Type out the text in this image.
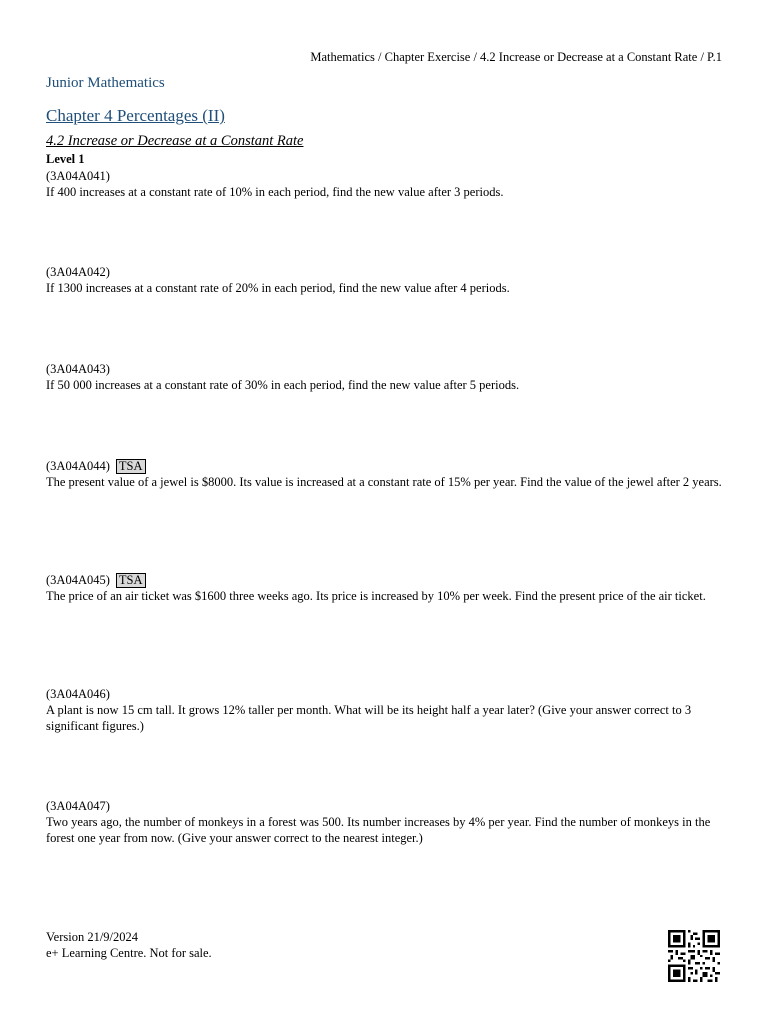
Mathematics / Chapter Exercise / 4.2 Increase or Decrease at a Constant Rate / P.1
Junior Mathematics
Chapter 4 Percentages (II)
4.2 Increase or Decrease at a Constant Rate
Level 1
(3A04A041)
If 400 increases at a constant rate of 10% in each period, find the new value after 3 periods.
(3A04A042)
If 1300 increases at a constant rate of 20% in each period, find the new value after 4 periods.
(3A04A043)
If 50 000 increases at a constant rate of 30% in each period, find the new value after 5 periods.
(3A04A044) TSA
The present value of a jewel is $8000. Its value is increased at a constant rate of 15% per year. Find the value of the jewel after 2 years.
(3A04A045) TSA
The price of an air ticket was $1600 three weeks ago. Its price is increased by 10% per week. Find the present price of the air ticket.
(3A04A046)
A plant is now 15 cm tall. It grows 12% taller per month. What will be its height half a year later? (Give your answer correct to 3 significant figures.)
(3A04A047)
Two years ago, the number of monkeys in a forest was 500. Its number increases by 4% per year. Find the number of monkeys in the forest one year from now. (Give your answer correct to the nearest integer.)
Version 21/9/2024
e+ Learning Centre. Not for sale.
